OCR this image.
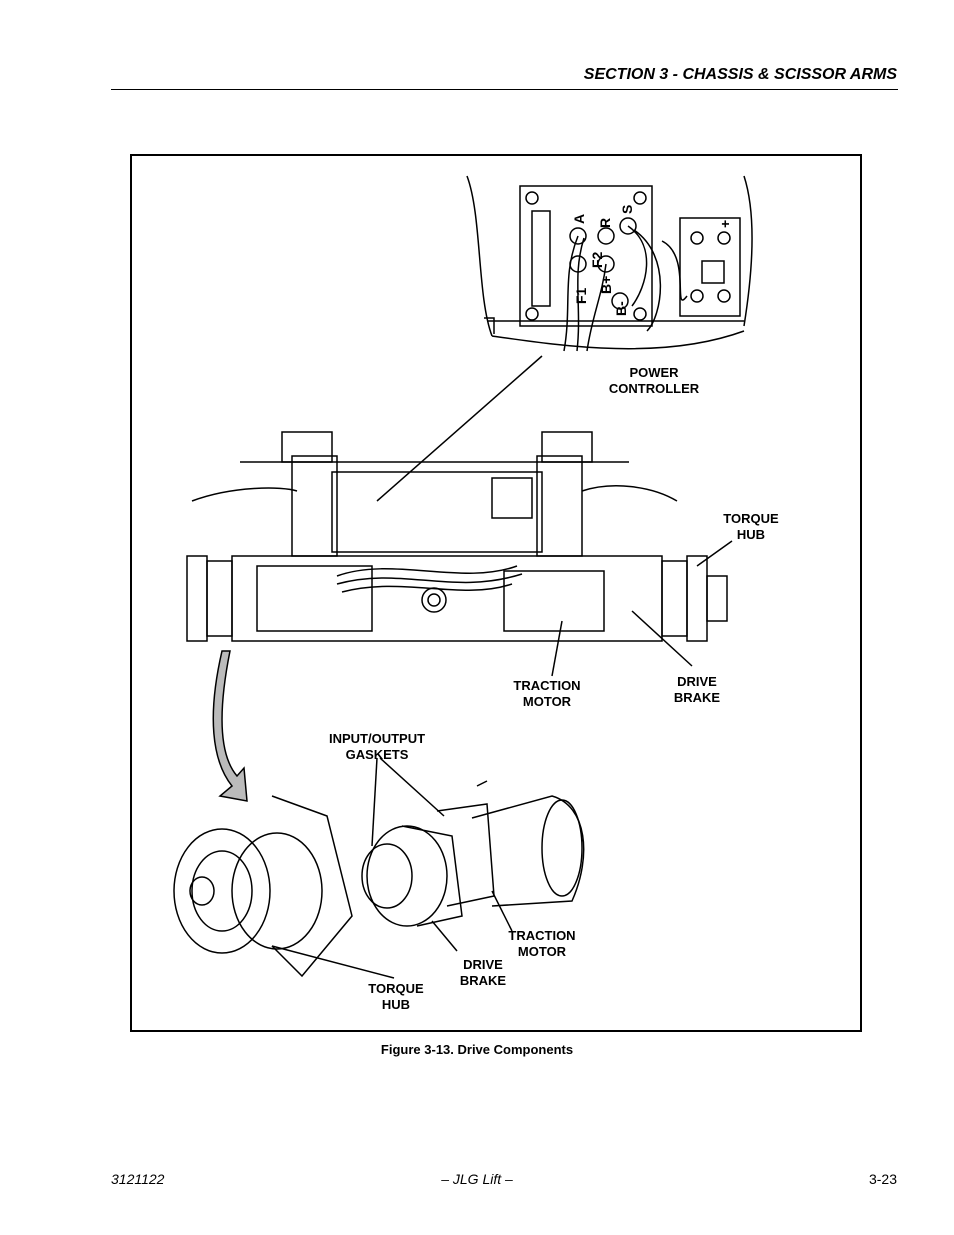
SECTION 3 - CHASSIS & SCISSOR ARMS
A R
S
F2
F1
B+
B-
+
POWER
CONTROLLER
TORQUE
HUB
TRACTION
MOTOR
DRIVE
BRAKE
INPUT/OUTPUT
GASKETS
TRACTION
MOTOR
DRIVE
BRAKE
TORQUE
HUB
Figure 3-13. Drive Components
3121122	– JLG Lift –	3-23
